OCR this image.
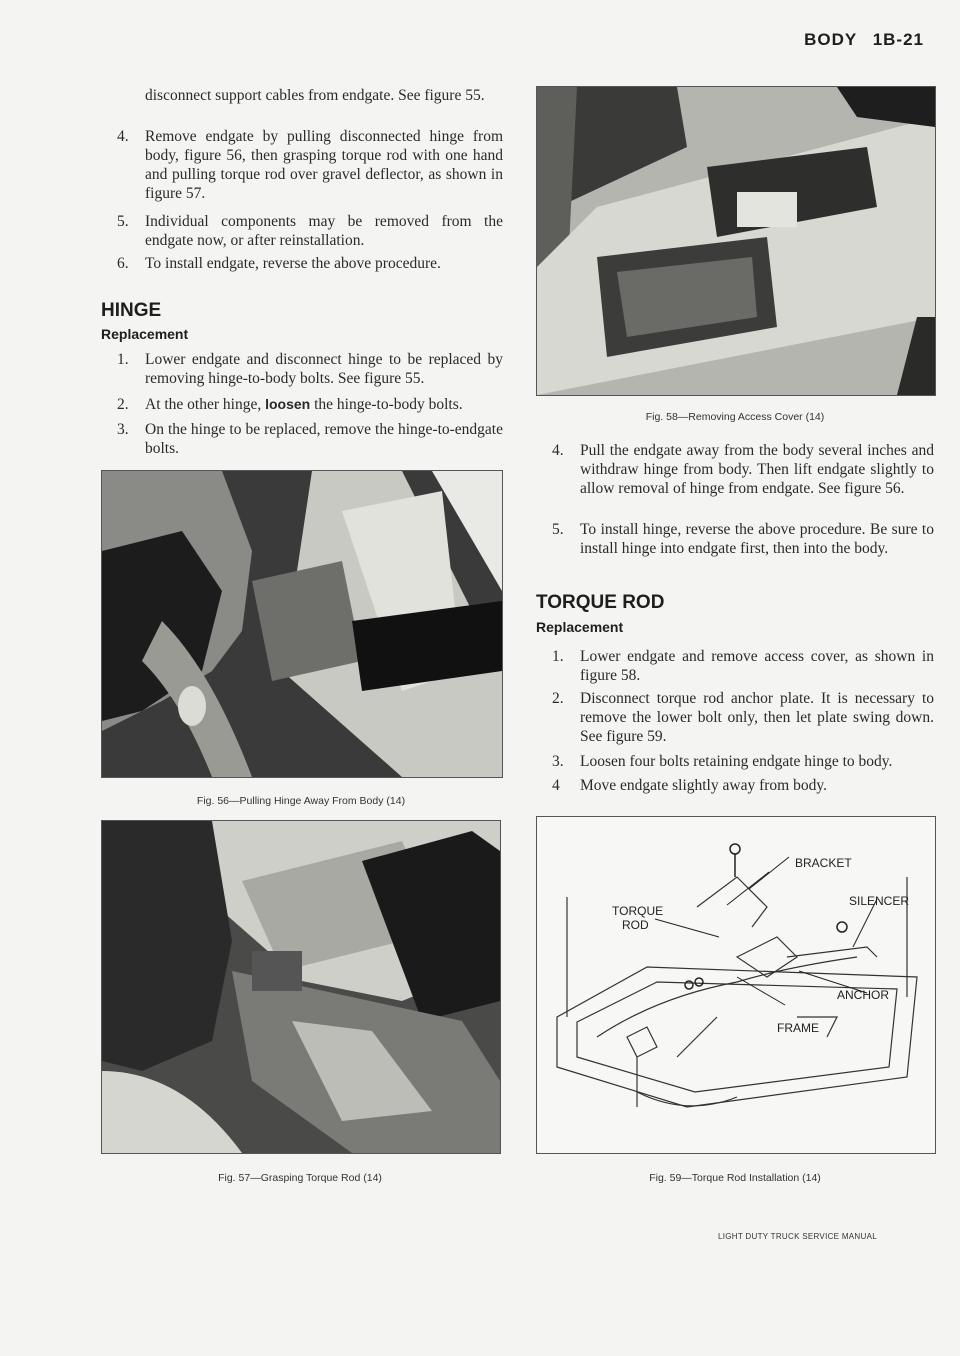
BODY 1B-21
disconnect support cables from endgate. See figure 55.
4. Remove endgate by pulling disconnected hinge from body, figure 56, then grasping torque rod with one hand and pulling torque rod over gravel deflector, as shown in figure 57.
5. Individual components may be removed from the endgate now, or after reinstallation.
6. To install endgate, reverse the above procedure.
HINGE
Replacement
1. Lower endgate and disconnect hinge to be replaced by removing hinge-to-body bolts. See figure 55.
2. At the other hinge, loosen the hinge-to-body bolts.
3. On the hinge to be replaced, remove the hinge-to-endgate bolts.
Fig. 56—Pulling Hinge Away From Body (14)
Fig. 57—Grasping Torque Rod (14)
Fig. 58—Removing Access Cover (14)
4. Pull the endgate away from the body several inches and withdraw hinge from body. Then lift endgate slightly to allow removal of hinge from endgate. See figure 56.
5. To install hinge, reverse the above procedure. Be sure to install hinge into endgate first, then into the body.
TORQUE ROD
Replacement
1. Lower endgate and remove access cover, as shown in figure 58.
2. Disconnect torque rod anchor plate. It is necessary to remove the lower bolt only, then let plate swing down. See figure 59.
3. Loosen four bolts retaining endgate hinge to body.
4 Move endgate slightly away from body.
BRACKET
TORQUE
ROD
SILENCER
ANCHOR
FRAME
Fig. 59—Torque Rod Installation (14)
LIGHT DUTY TRUCK SERVICE MANUAL
